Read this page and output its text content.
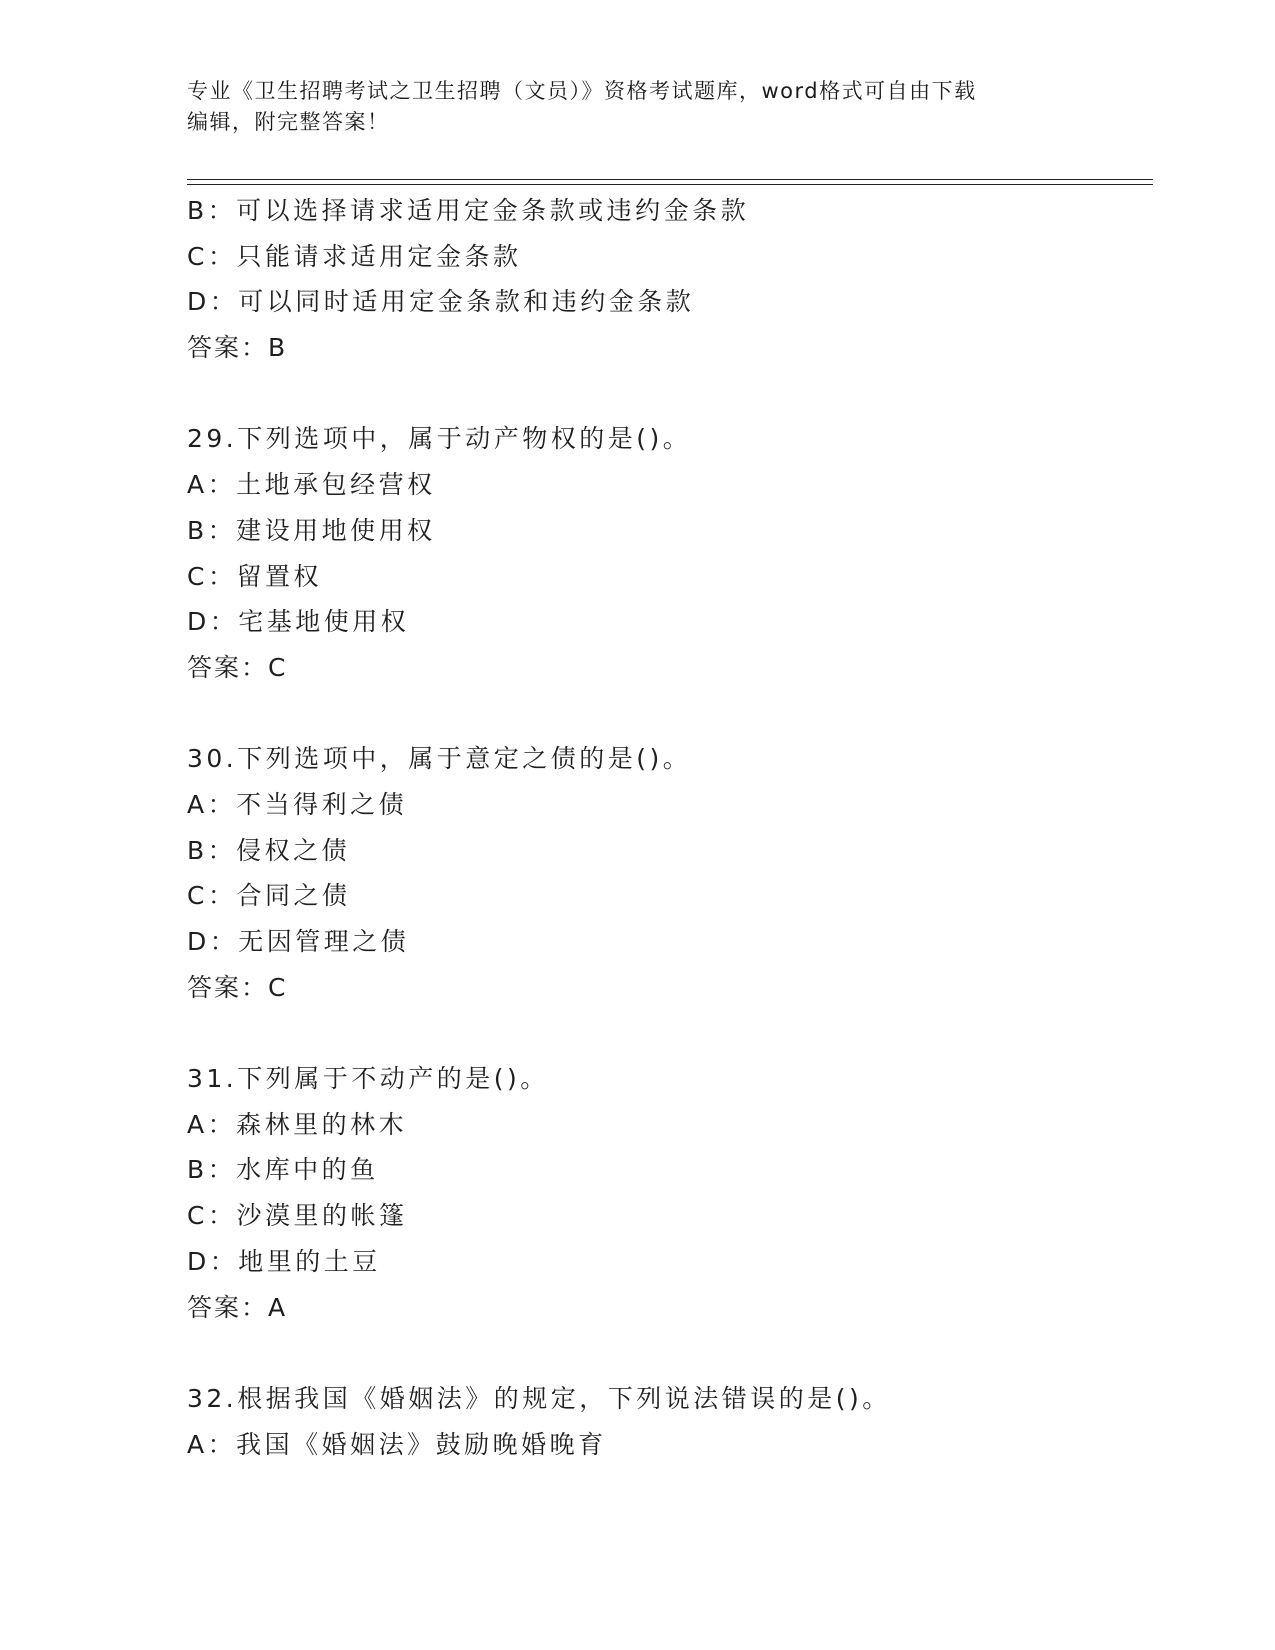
专业《卫生招聘考试之卫生招聘（文员）》资格考试题库，word格式可自由下载
编辑，附完整答案！
B：可以选择请求适用定金条款或违约金条款
C：只能请求适用定金条款
D：可以同时适用定金条款和违约金条款
答案：B
29.下列选项中，属于动产物权的是()。
A：土地承包经营权
B：建设用地使用权
C：留置权
D：宅基地使用权
答案：C
30.下列选项中，属于意定之债的是()。
A：不当得利之债
B：侵权之债
C：合同之债
D：无因管理之债
答案：C
31.下列属于不动产的是()。
A：森林里的林木
B：水库中的鱼
C：沙漠里的帐篷
D：地里的土豆
答案：A
32.根据我国《婚姻法》的规定，下列说法错误的是()。
A：我国《婚姻法》鼓励晚婚晚育
